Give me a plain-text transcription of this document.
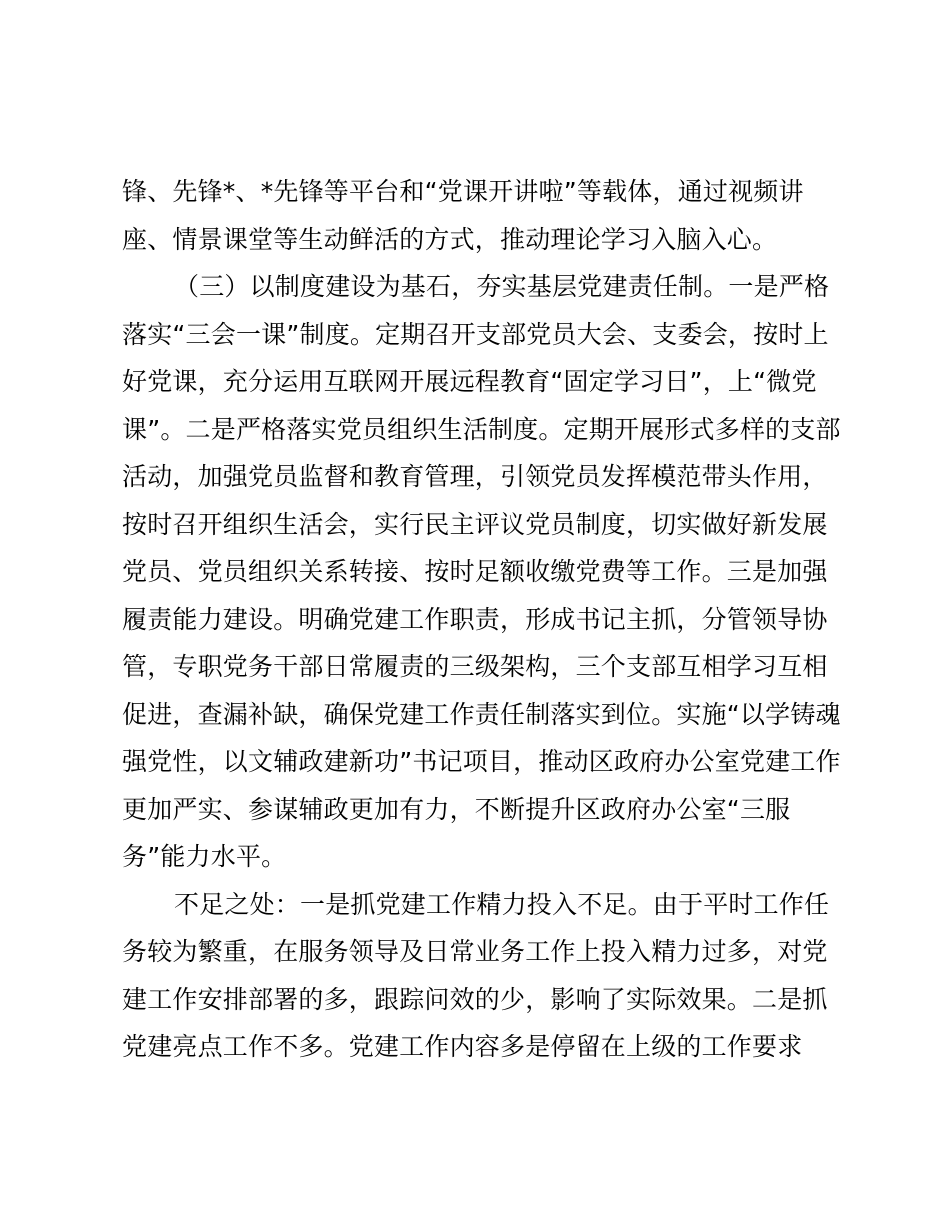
锋、先锋*、*先锋等平台和“党课开讲啦”等载体，通过视频讲
座、情景课堂等生动鲜活的方式，推动理论学习入脑入心。
（三）以制度建设为基石，夯实基层党建责任制。一是严格
落实“三会一课”制度。定期召开支部党员大会、支委会，按时上
好党课，充分运用互联网开展远程教育“固定学习日”，上“微党
课”。二是严格落实党员组织生活制度。定期开展形式多样的支部
活动，加强党员监督和教育管理，引领党员发挥模范带头作用，
按时召开组织生活会，实行民主评议党员制度，切实做好新发展
党员、党员组织关系转接、按时足额收缴党费等工作。三是加强
履责能力建设。明确党建工作职责，形成书记主抓，分管领导协
管，专职党务干部日常履责的三级架构，三个支部互相学习互相
促进，查漏补缺，确保党建工作责任制落实到位。实施“以学铸魂
强党性，以文辅政建新功”书记项目，推动区政府办公室党建工作
更加严实、参谋辅政更加有力，不断提升区政府办公室“三服
务”能力水平。
不足之处：一是抓党建工作精力投入不足。由于平时工作任
务较为繁重，在服务领导及日常业务工作上投入精力过多，对党
建工作安排部署的多，跟踪问效的少，影响了实际效果。二是抓
党建亮点工作不多。党建工作内容多是停留在上级的工作要求
